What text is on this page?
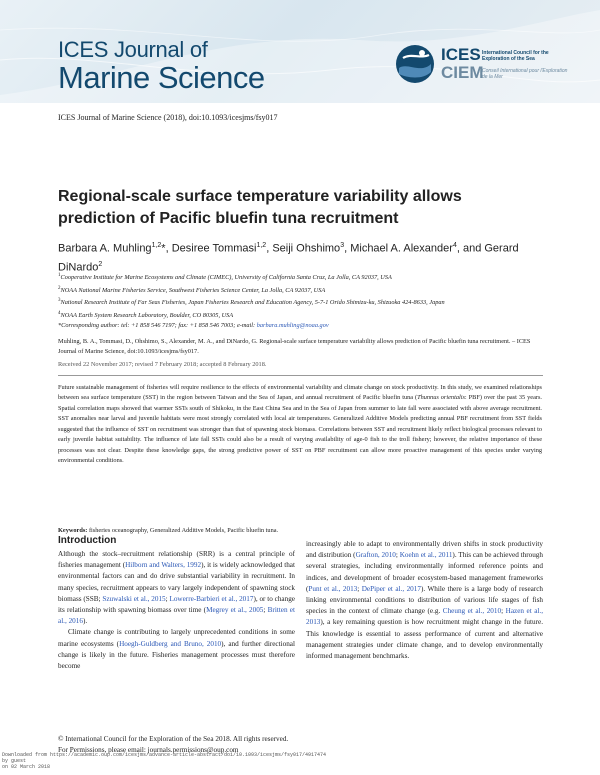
ICES Journal of
Marine Science
ICES
CIEM
International Council for the Exploration of the Sea
Conseil International pour l'Exploration de la Mer
ICES Journal of Marine Science (2018), doi:10.1093/icesjms/fsy017
Regional-scale surface temperature variability allows prediction of Pacific bluefin tuna recruitment
Barbara A. Muhling$^{1,2}$*, Desiree Tommasi$^{1,2}$, Seiji Ohshimo$^3$, Michael A. Alexander$^4$, and Gerard DiNardo$^2$
$^1$Cooperative Institute for Marine Ecosystems and Climate (CIMEC), University of California Santa Cruz, La Jolla, CA 92037, USA
$^2$NOAA National Marine Fisheries Service, Southwest Fisheries Science Center, La Jolla, CA 92037, USA
$^3$National Research Institute of Far Seas Fisheries, Japan Fisheries Research and Education Agency, 5-7-1 Orido Shimizu-ku, Shizuoka 424-8633, Japan
$^4$NOAA Earth System Research Laboratory, Boulder, CO 80305, USA
*Corresponding author: tel: +1 858 546 7197; fax: +1 858 546 7003; e-mail: barbara.muhling@noaa.gov
Muhling, B. A., Tommasi, D., Ohshimo, S., Alexander, M. A., and DiNardo, G. Regional-scale surface temperature variability allows prediction of Pacific bluefin tuna recruitment. – ICES Journal of Marine Science, doi:10.1093/icesjms/fsy017.
Received 22 November 2017; revised 7 February 2018; accepted 8 February 2018.
Future sustainable management of fisheries will require resilience to the effects of environmental variability and climate change on stock productivity. In this study, we examined relationships between sea surface temperature (SST) in the region between Taiwan and the Sea of Japan, and annual recruitment of Pacific bluefin tuna (Thunnus orientalis: PBF) over the past 35 years. Spatial correlation maps showed that warmer SSTs south of Shikoku, in the East China Sea and in the Sea of Japan from summer to late fall were associated with above average recruitment. SST anomalies near larval and juvenile habitats were most strongly correlated with local air temperatures. Generalized Additive Models predicting annual PBF recruitment from SST fields suggested that the influence of SST on recruitment was stronger than that of spawning stock biomass. Correlations between SST and recruitment likely reflect biological processes relevant to early juvenile habitat suitability. The influence of late fall SSTs could also be a result of varying availability of age-0 fish to the troll fishery; however, the relative importance of these processes was not clear. Despite these knowledge gaps, the strong predictive power of SST on PBF recruitment can allow more proactive management of this species under varying environmental conditions.
Keywords: fisheries oceanography, Generalized Additive Models, Pacific bluefin tuna.
Introduction

Although the stock–recruitment relationship (SRR) is a central principle of fisheries management (Hilborn and Walters, 1992), it is widely acknowledged that environmental factors can and do drive substantial variability in recruitment. In many species, recruitment appears to vary largely independent of spawning stock biomass (SSB; Szuwalski et al., 2015; Lowerre-Barbieri et al., 2017), or to change its relationship with spawning biomass over time (Megrey et al., 2005; Britten et al., 2016).

Climate change is contributing to largely unprecedented conditions in some marine ecosystems (Hoegh-Guldberg and Bruno, 2010), and further directional change is likely in the future. Fisheries management processes must therefore become

increasingly able to adapt to environmentally driven shifts in stock productivity and distribution (Grafton, 2010; Koehn et al., 2011). This can be achieved through several strategies, including environmentally informed reference points and indices, and development of broader ecosystem-based management frameworks (Punt et al., 2013; DePiper et al., 2017). While there is a large body of research linking environmental conditions to distribution of various life stages of fish species in the context of climate change (e.g. Cheung et al., 2010; Hazen et al., 2013), a key remaining question is how recruitment might change in the future. This knowledge is essential to assess performance of current and alternative management strategies under climate change, and to develop environmentally informed management benchmarks.

© International Council for the Exploration of the Sea 2018. All rights reserved.
For Permissions, please email: journals.permissions@oup.com
Downloaded from https://academic.oup.com/icesjms/advance-article-abstract/doi/10.1093/icesjms/fsy017/4917474
by guest
on 02 March 2018
